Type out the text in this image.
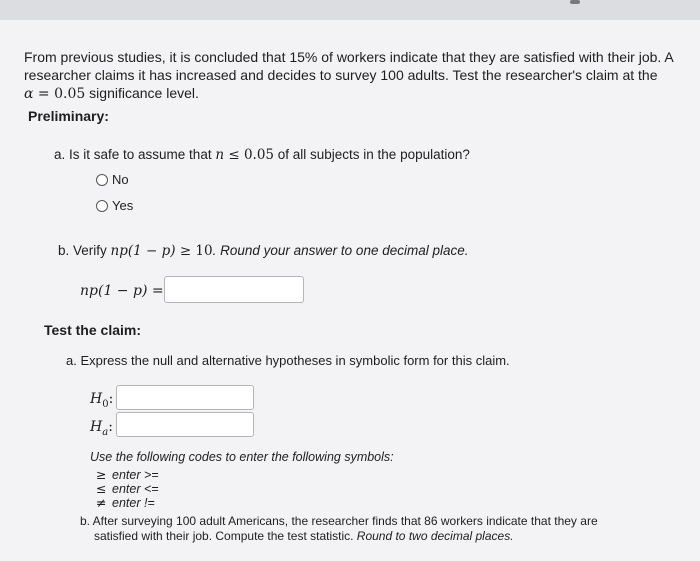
From previous studies, it is concluded that 15% of workers indicate that they are satisfied with their job. A
researcher claims it has increased and decides to survey 100 adults. Test the researcher's claim at the
α = 0.05 significance level.
Preliminary:
a. Is it safe to assume that n ≤ 0.05 of all subjects in the population?
No
Yes
b. Verify np(1 − p) ≥ 10. Round your answer to one decimal place.
np(1 − p) =
Test the claim:
a. Express the null and alternative hypotheses in symbolic form for this claim.
$H_0$:
$H_a$:
Use the following codes to enter the following symbols:
≥ enter >=
≤ enter <=
≠ enter !=
b. After surveying 100 adult Americans, the researcher finds that 86 workers indicate that they are
satisfied with their job. Compute the test statistic. Round to two decimal places.
